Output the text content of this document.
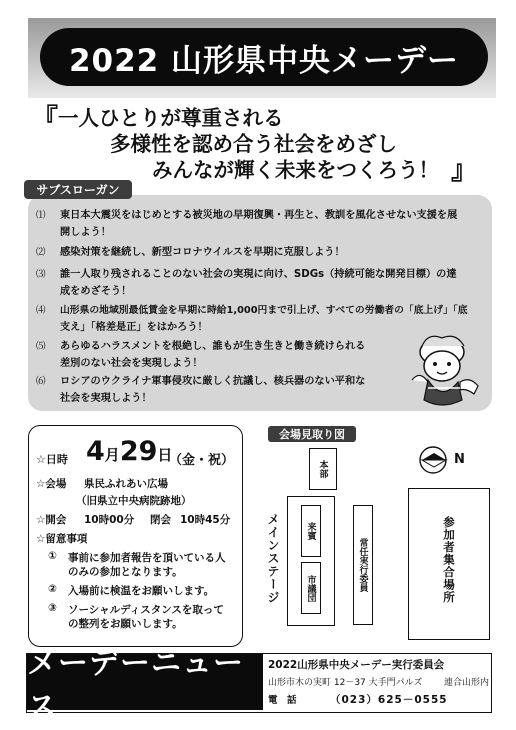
2022 山形県中央メーデー
『 一人ひとりが尊重される
多様性を認め合う社会をめざし
みんなが輝く未来をつくろう！ 』
サブスローガン
⑴ 東日本大震災をはじめとする被災地の早期復興・再生と、教訓を風化させない支援を展
開しよう！
⑵ 感染対策を継続し、新型コロナウイルスを早期に克服しよう！
⑶ 誰一人取り残されることのない社会の実現に向け、SDGs（持続可能な開発目標）の達
成をめざそう！
⑷ 山形県の地域別最低賃金を早期に時給1,000円まで引上げ、すべての労働者の「底上げ」「底
支え」「格差是正」をはかろう！
⑸ あらゆるハラスメントを根絶し、誰もが生き生きと働き続けられる
差別のない社会を実現しよう！
⑹ ロシアのウクライナ軍事侵攻に厳しく抗議し、核兵器のない平和な
社会を実現しよう！
☆日時 4月29日
（金・祝）
☆会場 県民ふれあい広場
（旧県立中央病院跡地）
☆開会 10時00分 閉会 10時45分
☆留意事項
① 事前に参加者報告を頂いている人
のみの参加となります。
② 入場前に検温をお願いします。
③ ソーシャルディスタンスを取って
の整列をお願いします。
会場見取り図
本部
メインステージ	来賓
市議団	常任実行委員	参加者集合場所
N
メーデーニュース
2022山形県中央メーデー実行委員会
山形市木の実町 12－37 大手門パルズ 連合山形内
電　話	（023）625－0555
